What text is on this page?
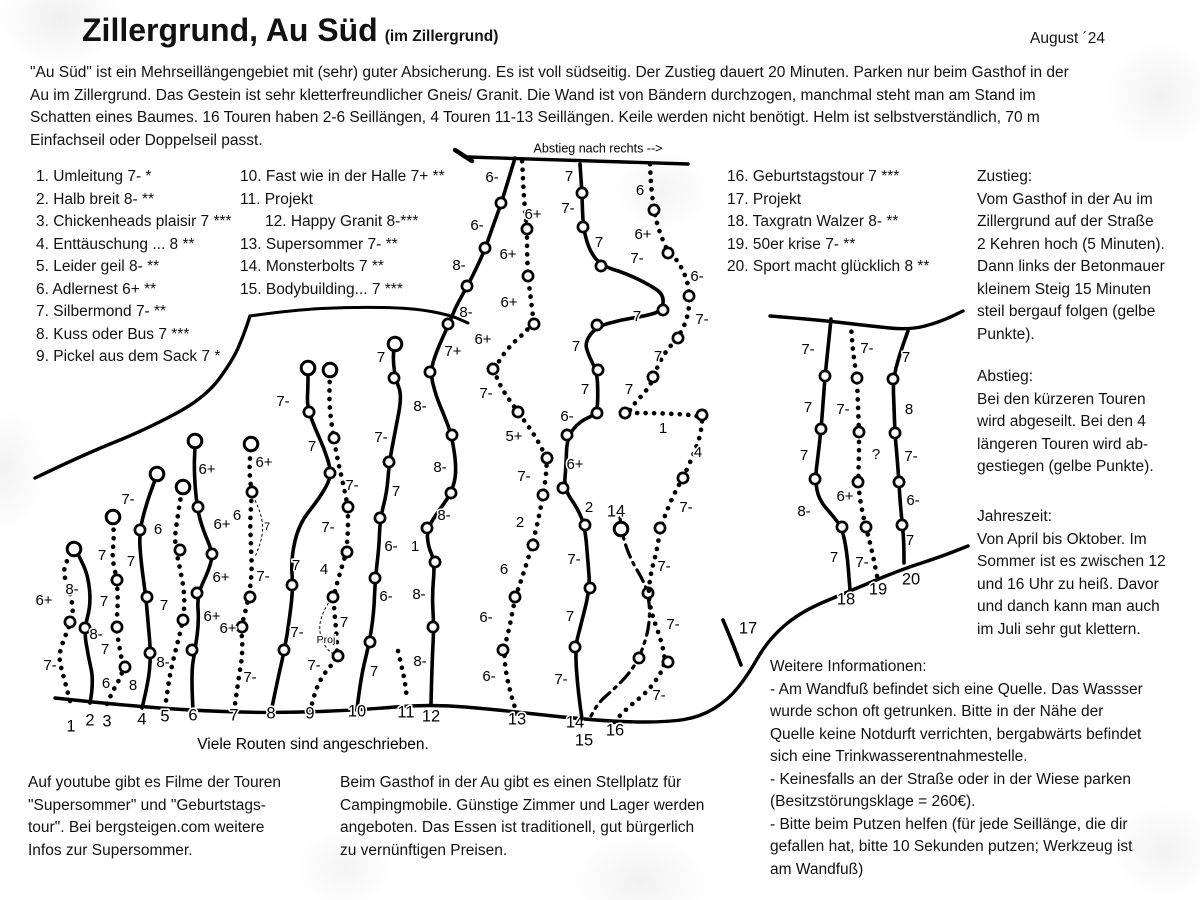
Zillergrund, Au Süd (im Zillergrund)	August ´24
"Au Süd" ist ein Mehrseillängengebiet mit (sehr) guter Absicherung. Es ist voll südseitig. Der Zustieg dauert 20 Minuten. Parken nur beim Gasthof in der
Au im Zillergrund. Das Gestein ist sehr kletterfreundlicher Gneis/ Granit. Die Wand ist von Bändern durchzogen, manchmal steht man am Stand im
Schatten eines Baumes. 16 Touren haben 2-6 Seillängen, 4 Touren 11-13 Seillängen. Keile werden nicht benötigt. Helm ist selbstverständlich, 70 m
Einfachseil oder Doppelseil passt.
1. Umleitung 7- *
2. Halb breit 8- **
3. Chickenheads plaisir 7 ***
4. Enttäuschung ... 8 **
5. Leider geil 8- **
6. Adlernest 6+ **
7. Silbermond 7- **
8. Kuss oder Bus 7 ***
9. Pickel aus dem Sack 7 *
10. Fast wie in der Halle 7+ **
11. Projekt
12. Happy Granit 8-***
13. Supersommer 7- **
14. Monsterbolts 7 **
15. Bodybuilding... 7 ***
16. Geburtstagstour 7 ***
17. Projekt
18. Taxgratn Walzer 8- **
19. 50er krise 7- **
20. Sport macht glücklich 8 **
Zustieg:
Vom Gasthof in der Au im
Zillergrund auf der Straße
2 Kehren hoch (5 Minuten).
Dann links der Betonmauer
kleinem Steig 15 Minuten
steil bergauf folgen (gelbe
Punkte).
Abstieg:
Bei den kürzeren Touren
wird abgeseilt. Bei den 4
längeren Touren wird ab-
gestiegen (gelbe Punkte).
Jahreszeit:
Von April bis Oktober. Im
Sommer ist es zwischen 12
und 16 Uhr zu heiß. Davor
und danch kann man auch
im Juli sehr gut klettern.
Weitere Informationen:
- Am Wandfuß befindet sich eine Quelle. Das Wassser
wurde schon oft getrunken. Bitte in der Nähe der
Quelle keine Notdurft verrichten, bergabwärts befindet
sich eine Trinkwasserentnahmestelle.
- Keinesfalls an der Straße oder in der Wiese parken
(Besitzstörungsklage = 260€).
- Bitte beim Putzen helfen (für jede Seillänge, die dir
gefallen hat, bitte 10 Sekunden putzen; Werkzeug ist
am Wandfuß)
Auf youtube gibt es Filme der Touren
"Supersommer" und "Geburtstags-
tour". Bei bergsteigen.com weitere
Infos zur Supersommer.
Beim Gasthof in der Au gibt es einen Stellplatz für
Campingmobile. Günstige Zimmer und Lager werden
angeboten. Das Essen ist traditionell, gut bürgerlich
zu vernünftigen Preisen.
7-
6+
1
8-
8-
2
6
7
7
7
3
8
7
7-
4
8-
7
6
5
6+
6+
6+
6+
6
6+
7-
7-
6
6+
7
7
7-
7
7-
8
7-
4
7-
7-
9
7
6-
6-
7
7-
7
10
8-
11
8-
1
8-
8-
8-
7+
8-
8-
6-
6-
12
6-
6-
6
2
7-
5+
7-
6+
6+
6+
6+
13 14
7-
7
7-
2
6+
6-
7
7
7
7-
7
7-
7
15
7-
7-
7-
7-
4
1
7
7
7-
6-
6+
6
16
17
7-
7
7
8-
7
18
7-
7-
?
6+
7-
19
7
8
7-
6-
7
20
Abstieg nach rechts -->
Viele Routen sind angeschrieben.
Proj
7
7
14
